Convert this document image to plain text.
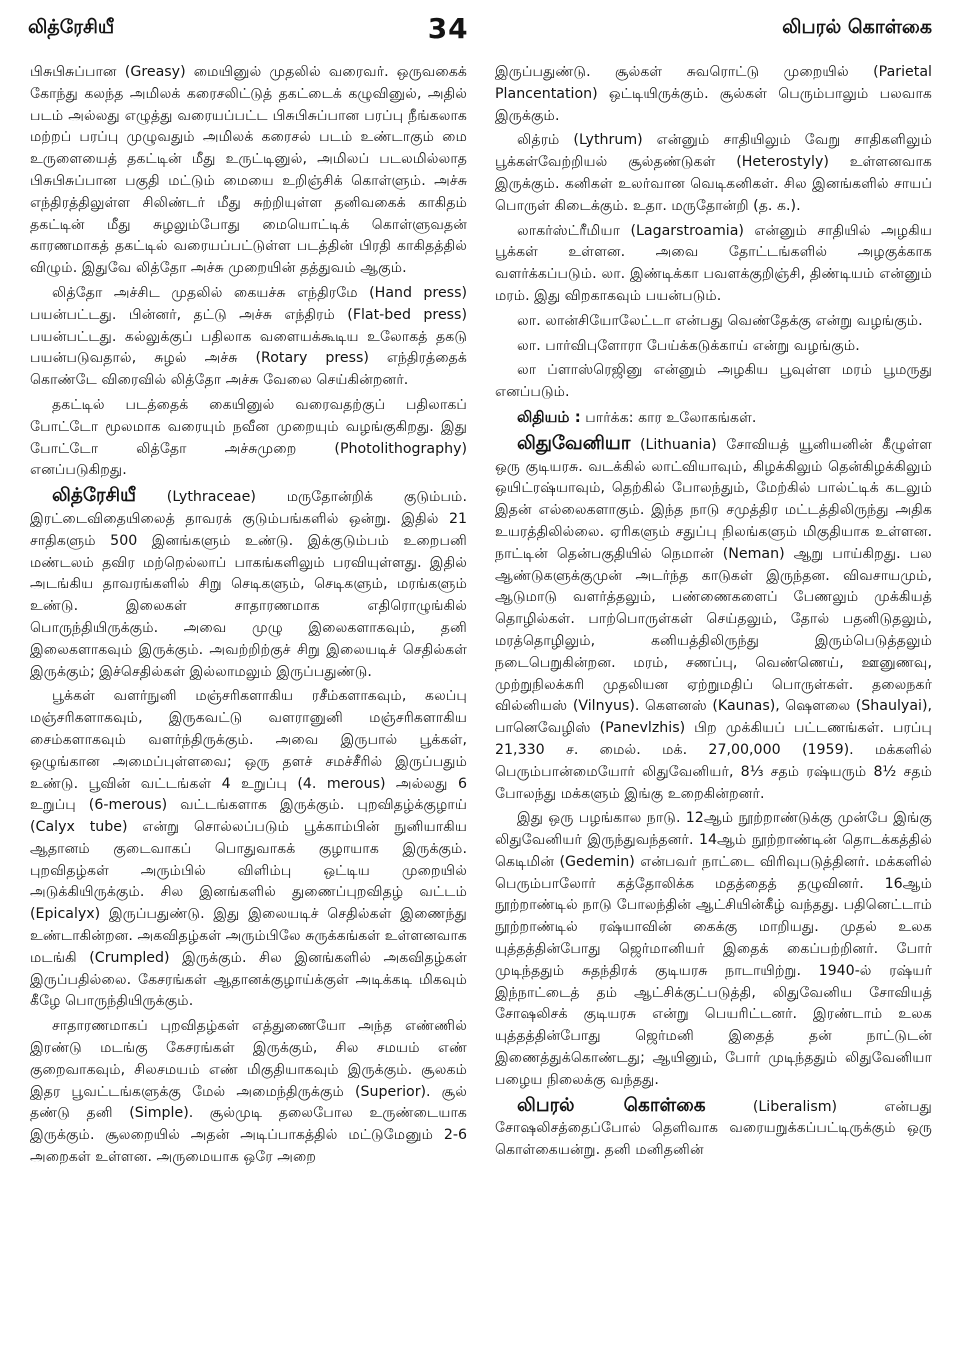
லித்ரேசியீ	34	லிபரல் கொள்கை

பிசுபிசுப்பான (Greasy) மையினுல் முதலில் வரைவர். ஒருவகைக் கோந்து கலந்த அமிலக் கரைசலிட்டுத் தகட்டைக் கழுவினுல், அதில் படம் அல்லது எழுத்து வரையப்பட்ட பிசுபிசுப்பான பரப்பு நீங்கலாக மற்றப் பரப்பு முழுவதும் அமிலக் கரைசல் படம் உண்டாகும் மை உருளையைத் தகட்டின் மீது உருட்டினுல், அமிலப் படலமில்லாத பிசுபிசுப்பான பகுதி மட்டும் மையை உறிஞ்சிக் கொள்ளும். அச்சு எந்திரத்திலுள்ள சிலிண்டர் மீது சுற்றியுள்ள தனிவகைக் காகிதம் தகட்டின் மீது சுழலும்போது மையொட்டிக் கொள்ளுவதன் காரணமாகத் தகட்டில் வரையப்பட்டுள்ள படத்தின் பிரதி காகிதத்தில் விழும். இதுவே லித்தோ அச்சு முறையின் தத்துவம் ஆகும்.

லித்தோ அச்சிட முதலில் கையச்சு எந்திரமே (Hand press) பயன்பட்டது. பின்னர், தட்டு அச்சு எந்திரம் (Flat-bed press) பயன்பட்டது. கல்லுக்குப் பதிலாக வளையக்கூடிய உலோகத் தகடு பயன்படுவதால், சுழல் அச்சு (Rotary press) எந்திரத்தைக் கொண்டே விரைவில் லித்தோ அச்சு வேலை செய்கின்றனர்.

தகட்டில் படத்தைக் கையினுல் வரைவதற்குப் பதிலாகப் போட்டோ மூலமாக வரையும் நவீன முறையும் வழங்குகிறது. இது போட்டோ லித்தோ அச்சுமுறை (Photolithography) எனப்படுகிறது.

லித்ரேசியீ (Lythraceae) மருதோன்றிக் குடும்பம். இரட்டைவிதையிலைத் தாவரக் குடும்பங்களில் ஒன்று. இதில் 21 சாதிகளும் 500 இனங்களும் உண்டு. இக்குடும்பம் உறைபனி மண்டலம் தவிர மற்றெல்லாப் பாகங்களிலும் பரவியுள்ளது. இதில் அடங்கிய தாவரங்களில் சிறு செடிகளும், செடிகளும், மரங்களும் உண்டு. இலைகள் சாதாரணமாக எதிரொழுங்கில் பொருந்தியிருக்கும். அவை முழு இலைகளாகவும், தனி இலைகளாகவும் இருக்கும். அவற்றிற்குச் சிறு இலையடிச் செதில்கள் இருக்கும்; இச்செதில்கள் இல்லாமலும் இருப்பதுண்டு.

பூக்கள் வளர்நுனி மஞ்சரிகளாகிய ரசீம்களாகவும், கலப்பு மஞ்சரிகளாகவும், இருகவட்டு வளரானுனி மஞ்சரிகளாகிய சைம்களாகவும் வளர்ந்திருக்கும். அவை இருபால் பூக்கள், ஒழுங்கான அமைப்புள்ளவை; ஒரு தளச் சமச்சீரில் இருப்பதும் உண்டு. பூவின் வட்டங்கள் 4 உறுப்பு (4. merous) அல்லது 6 உறுப்பு (6-merous) வட்டங்களாக இருக்கும். புறவிதழ்க்குழாய் (Calyx tube) என்று சொல்லப்படும் பூக்காம்பின் நுனியாகிய ஆதானம் குடைவாகப் பொதுவாகக் குழாயாக இருக்கும். புறவிதழ்கள் அரும்பில் விளிம்பு ஒட்டிய முறையில் அடுக்கியிருக்கும். சில இனங்களில் துணைப்புறவிதழ் வட்டம் (Epicalyx) இருப்பதுண்டு. இது இலையடிச் செதில்கள் இணைந்து உண்டாகின்றன. அகவிதழ்கள் அரும்பிலே சுருக்கங்கள் உள்ளனவாக மடங்கி (Crumpled) இருக்கும். சில இனங்களில் அகவிதழ்கள் இருப்பதில்லை. கேசரங்கள் ஆதானக்குழாய்க்குள் அடிக்கடி மிகவும் கீழே பொருந்தியிருக்கும்.

சாதாரணமாகப் புறவிதழ்கள் எத்துணையோ அந்த எண்ணில் இரண்டு மடங்கு கேசரங்கள் இருக்கும், சில சமயம் எண் குறைவாகவும், சிலசமயம் எண் மிகுதியாகவும் இருக்கும். சூலகம் இதர பூவட்டங்களுக்கு மேல் அமைந்திருக்கும் (Superior). சூல் தண்டு தனி (Simple). சூல்முடி தலைபோல உருண்டையாக இருக்கும். சூலறையில் அதன் அடிப்பாகத்தில் மட்டுமேனும் 2-6 அறைகள் உள்ளன. அருமையாக ஒரே அறை

இருப்பதுண்டு. சூல்கள் சுவரொட்டு முறையில் (Parietal Plancentation) ஒட்டியிருக்கும். சூல்கள் பெரும்பாலும் பலவாக இருக்கும்.

லித்ரம் (Lythrum) என்னும் சாதியிலும் வேறு சாதிகளிலும் பூக்கள்வேற்றியல் சூல்தண்டுகள் (Heterostyly) உள்ளனவாக இருக்கும். கனிகள் உலர்வான வெடிகனிகள். சில இனங்களில் சாயப் பொருள் கிடைக்கும். உதா. மருதோன்றி (த. க.).

லாகர்ஸ்ட்ரீமியா (Lagarstroamia) என்னும் சாதியில் அழகிய பூக்கள் உள்ளன. அவை தோட்டங்களில் அழகுக்காக வளர்க்கப்படும். லா. இண்டிக்கா பவளக்குறிஞ்சி, திண்டியம் என்னும் மரம். இது விறகாகவும் பயன்படும்.

லா. லான்சியோலேட்டா என்பது வெண்தேக்கு என்று வழங்கும்.

லா. பார்விபுளோரா பேய்க்கடுக்காய் என்று வழங்கும்.

லா ப்ளாஸ்ரெஜினு என்னும் அழகிய பூவுள்ள மரம் பூமருது எனப்படும்.

லிதியம் : பார்க்க: கார உலோகங்கள்.

லிதுவேனியா (Lithuania) சோவியத் யூனியனின் கீழுள்ள ஒரு குடியரசு. வடக்கில் லாட்வியாவும், கிழக்கிலும் தென்கிழக்கிலும் ஒயிட்ரஷ்யாவும், தெற்கில் போலந்தும், மேற்கில் பால்ட்டிக் கடலும் இதன் எல்லைகளாகும். இந்த நாடு சமுத்திர மட்டத்திலிருந்து அதிக உயரத்திலில்லை. ஏரிகளும் சதுப்பு நிலங்களும் மிகுதியாக உள்ளன. நாட்டின் தென்பகுதியில் நெமான் (Neman) ஆறு பாய்கிறது. பல ஆண்டுகளுக்குமுன் அடர்ந்த காடுகள் இருந்தன. விவசாயமும், ஆடுமாடு வளர்த்தலும், பண்ணைகளைப் பேணலும் முக்கியத் தொழில்கள். பாற்பொருள்கள் செய்தலும், தோல் பதனிடுதலும், மரத்தொழிலும், கனியத்திலிருந்து இரும்பெடுத்தலும் நடைபெறுகின்றன. மரம், சணப்பு, வெண்ணெய், ஊனுணவு, முற்றுநிலக்கரி முதலியன ஏற்றுமதிப் பொருள்கள். தலைநகர் வில்னியஸ் (Vilnyus). கௌனஸ் (Kaunas), ஷௌலை (Shaulyai), பானெவேழிஸ் (Panevlzhis) பிற முக்கியப் பட்டணங்கள். பரப்பு 21,330 ச. மைல். மக். 27,00,000 (1959). மக்களில் பெரும்பான்மையோர் லிதுவேனியர், 8⅓ சதம் ரஷ்யரும் 8½ சதம் போலந்து மக்களும் இங்கு உறைகின்றனர்.

இது ஒரு பழங்கால நாடு. 12ஆம் நூற்றாண்டுக்கு முன்பே இங்கு லிதுவேனியர் இருந்துவந்தனர். 14ஆம் நூற்றாண்டின் தொடக்கத்தில் கெடிமின் (Gedemin) என்பவர் நாட்டை விரிவுபடுத்தினர். மக்களில் பெரும்பாலோர் கத்தோலிக்க மதத்தைத் தழுவினர். 16ஆம் நூற்றாண்டில் நாடு போலந்தின் ஆட்சியின்கீழ் வந்தது. பதினெட்டாம் நூற்றாண்டில் ரஷ்யாவின் கைக்கு மாறியது. முதல் உலக யுத்தத்தின்போது ஜெர்மானியர் இதைக் கைப்பற்றினர். போர் முடிந்ததும் சுதந்திரக் குடியரசு நாடாயிற்று. 1940-ல் ரஷ்யர் இந்நாட்டைத் தம் ஆட்சிக்குட்படுத்தி, லிதுவேனிய சோவியத் சோஷலிசக் குடியரசு என்று பெயரிட்டனர். இரண்டாம் உலக யுத்தத்தின்போது ஜெர்மனி இதைத் தன் நாட்டுடன் இணைத்துக்கொண்டது; ஆயினும், போர் முடிந்ததும் லிதுவேனியா பழைய நிலைக்கு வந்தது.

லிபரல் கொள்கை	(Liberalism) என்பது சோஷலிசத்தைப்போல் தெளிவாக வரையறுக்கப்பட்டிருக்கும் ஒரு கொள்கையன்று. தனி மனிதனின்
